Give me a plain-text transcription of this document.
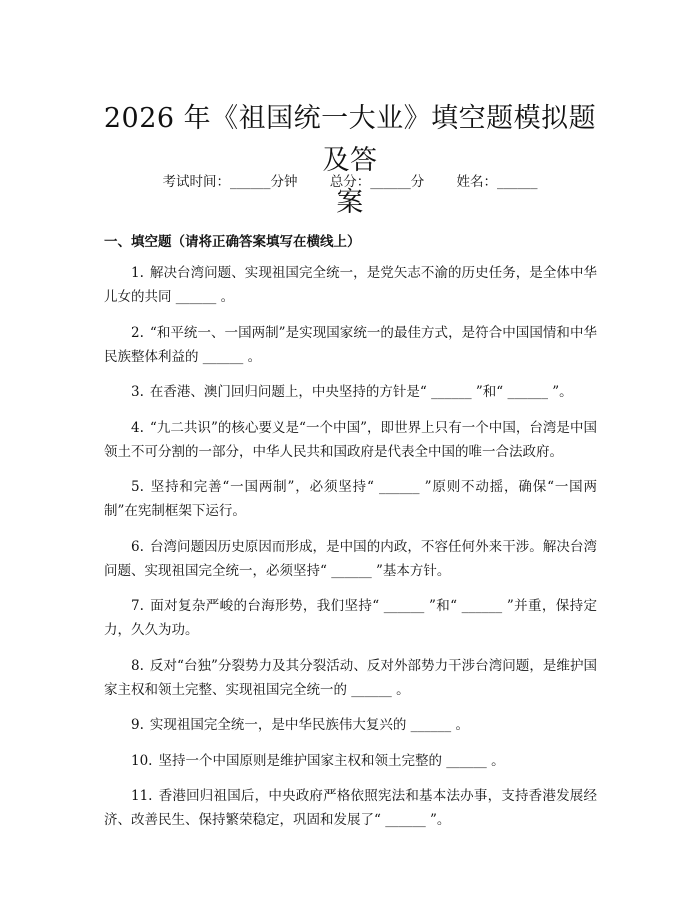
2026 年《祖国统一大业》填空题模拟题及答
案
考试时间：______分钟 总分：______分 姓名：______
一、填空题（请将正确答案填写在横线上）

1. 解决台湾问题、实现祖国完全统一，是党矢志不渝的历史任务，是全体中华儿女的共同 ______ 。

2. “和平统一、一国两制”是实现国家统一的最佳方式，是符合中国国情和中华民族整体利益的 ______ 。

3. 在香港、澳门回归问题上，中央坚持的方针是“ ______ ”和“ ______ ”。

4. “九二共识”的核心要义是“一个中国”，即世界上只有一个中国，台湾是中国领土不可分割的一部分，中华人民共和国政府是代表全中国的唯一合法政府。

5. 坚持和完善“一国两制”，必须坚持“ ______ ”原则不动摇，确保“一国两制”在宪制框架下运行。

6. 台湾问题因历史原因而形成，是中国的内政，不容任何外来干涉。解决台湾问题、实现祖国完全统一，必须坚持“ ______ ”基本方针。

7. 面对复杂严峻的台海形势，我们坚持“ ______ ”和“ ______ ”并重，保持定力，久久为功。

8. 反对“台独”分裂势力及其分裂活动、反对外部势力干涉台湾问题，是维护国家主权和领土完整、实现祖国完全统一的 ______ 。

9. 实现祖国完全统一，是中华民族伟大复兴的 ______ 。

10. 坚持一个中国原则是维护国家主权和领土完整的 ______ 。

11. 香港回归祖国后，中央政府严格依照宪法和基本法办事，支持香港发展经济、改善民生、保持繁荣稳定，巩固和发展了“ ______ ”。
